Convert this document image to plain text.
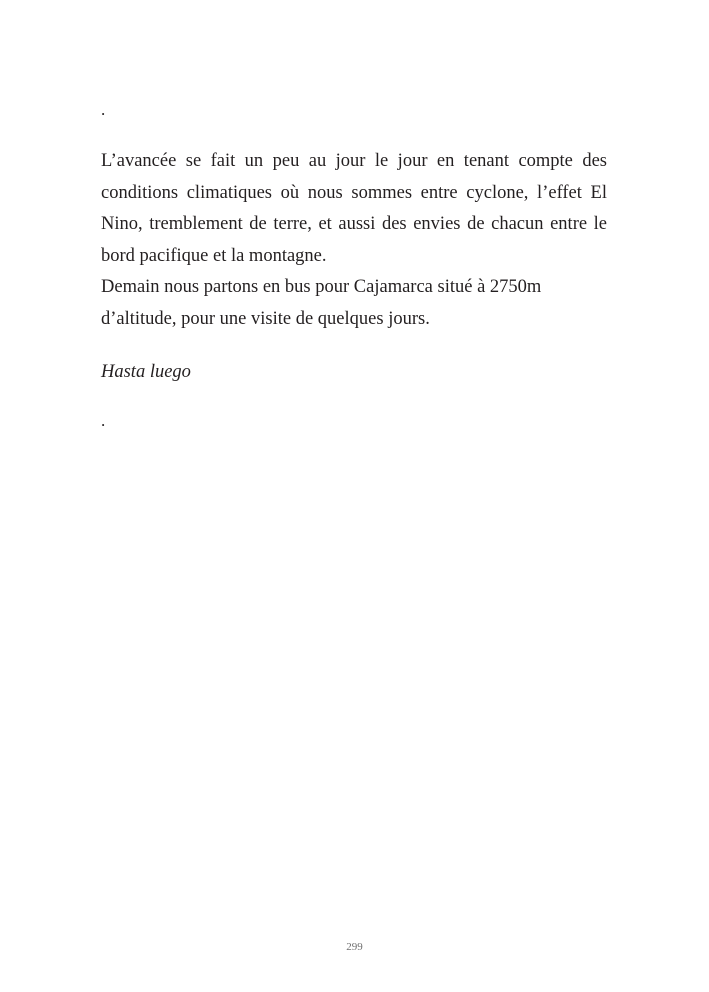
.

L’avancée se fait un peu au jour le jour en tenant compte des conditions climatiques où nous sommes entre cyclone, l’effet El Nino, tremblement de terre, et aussi des envies de chacun entre le bord pacifique et la montagne.

Demain nous partons en bus pour Cajamarca situé à 2750m d’altitude, pour une visite de quelques jours.

Hasta luego

.

299
